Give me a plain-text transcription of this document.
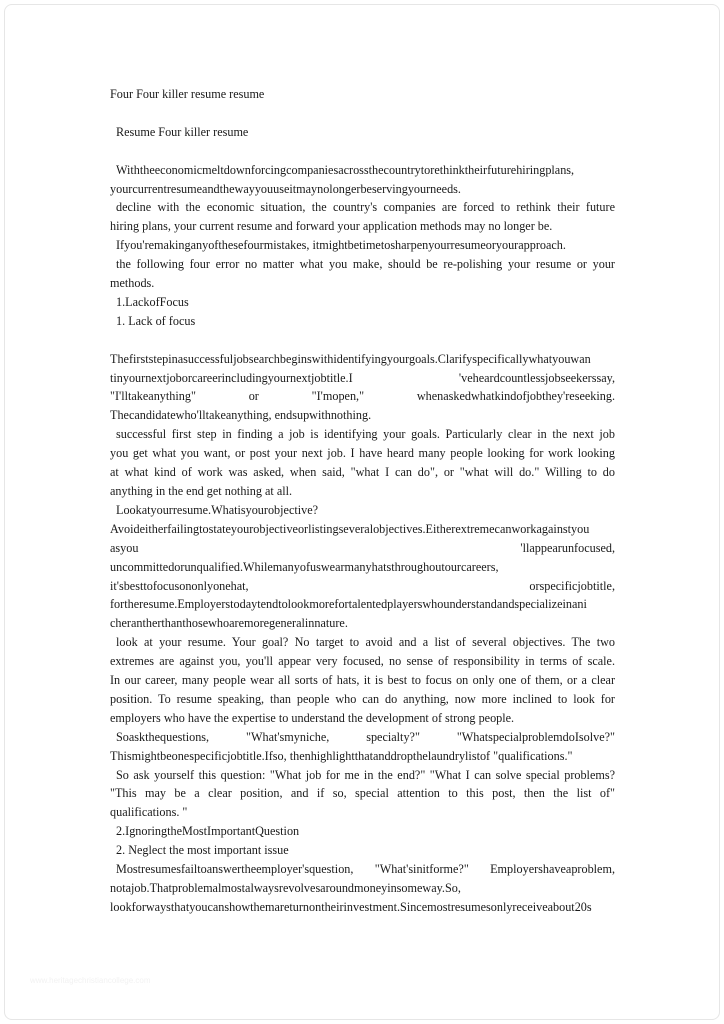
Four Four killer resume resume
Resume Four killer resume
Withtheeconomicmeltdownforcingcompaniesacrossthecountrytorethinktheirfuturehiringplans,
yourcurrentresumeandthewayyouuseitmaynolongerbeservingyourneeds.
decline with the economic situation, the country's companies are forced to rethink their future
hiring plans, your current resume and forward your application methods may no longer be.
Ifyou'remakinganyofthesefourmistakes, itmightbetimetosharpenyourresumeoryourapproach.
the following four error no matter what you make, should be re-polishing your resume or your
methods.
1.LackofFocus
1. Lack of focus
Thefirststepinasuccessfuljobsearchbeginswithidentifyingyourgoals.Clarifyspecificallywhatyouwan
tinyournextjoborcareerincludingyournextjobtitle.I 'veheardcountlessjobseekerssay,
"I'lltakeanything" or "I'mopen," whenaskedwhatkindofjobthey'reseeking.
Thecandidatewho'lltakeanything, endsupwithnothing.
successful first step in finding a job is identifying your goals. Particularly clear in the next job
you get what you want, or post your next job. I have heard many people looking for work looking
at what kind of work was asked, when said, "what I can do", or "what will do." Willing to do
anything in the end get nothing at all.
Lookatyourresume.Whatisyourobjective?
Avoideitherfailingtostateyourobjectiveorlistingseveralobjectives.Eitherextremecanworkagainstyou
asyou 'llappearunfocused,
uncommittedorunqualified.Whilemanyofuswearmanyhatsthroughoutourcareers,
it'sbesttofocusononlyonehat, orspecificjobtitle,
fortheresume.Employerstodaytendtolookmorefortalentedplayerswhounderstandandspecializeinani
cherantherthanthosewhoaremoregeneralinnature.
look at your resume. Your goal? No target to avoid and a list of several objectives. The two
extremes are against you, you'll appear very focused, no sense of responsibility in terms of scale.
In our career, many people wear all sorts of hats, it is best to focus on only one of them, or a clear
position. To resume speaking, than people who can do anything, now more inclined to look for
employers who have the expertise to understand the development of strong people.
Soaskthequestions, "What'smyniche, specialty?" "WhatspecialproblemdoIsolve?"
Thismightbeonespecificjobtitle.Ifso, thenhighlightthatanddropthelaundrylistof "qualifications."
So ask yourself this question: "What job for me in the end?" "What I can solve special problems?
"This may be a clear position, and if so, special attention to this post, then the list of"
qualifications. "
2.IgnoringtheMostImportantQuestion
2. Neglect the most important issue
Mostresumesfailtoanswertheemployer'squestion, "What'sinitforme?" Employershaveaproblem,
notajob.Thatproblemalmostalwaysrevolvesaroundmoneyinsomeway.So,
lookforwaysthatyoucanshowthemareturnontheirinvestment.Sincemostresumesonlyreceiveabout20s
www.heritagechristiancollege.com
